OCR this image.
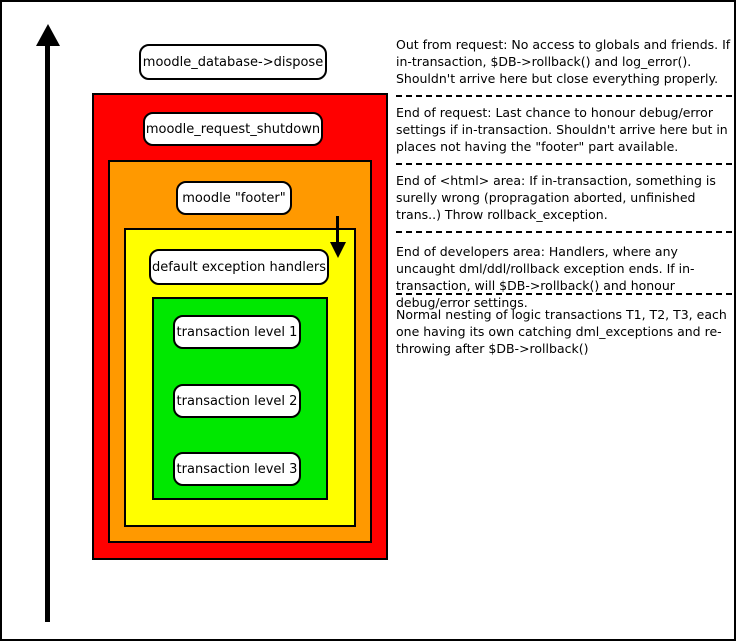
moodle_database->dispose
moodle_request_shutdown
moodle "footer"
default exception handlers
transaction level 1
transaction level 2
transaction level 3
Out from request: No access to globals and friends. If in-transaction, $DB->rollback() and log_error(). Shouldn't arrive here but close everything properly.
End of request: Last chance to honour debug/error settings if in-transaction. Shouldn't arrive here but in places not having the "footer" part available.
End of <html> area: If in-transaction, something is surelly wrong (propragation aborted, unfinished trans..) Throw rollback_exception.
End of developers area: Handlers, where any uncaught dml/ddl/rollback exception ends. If in-transaction, will $DB->rollback() and honour debug/error settings.
Normal nesting of logic transactions T1, T2, T3, each one having its own catching dml_exceptions and re-throwing after $DB->rollback()
